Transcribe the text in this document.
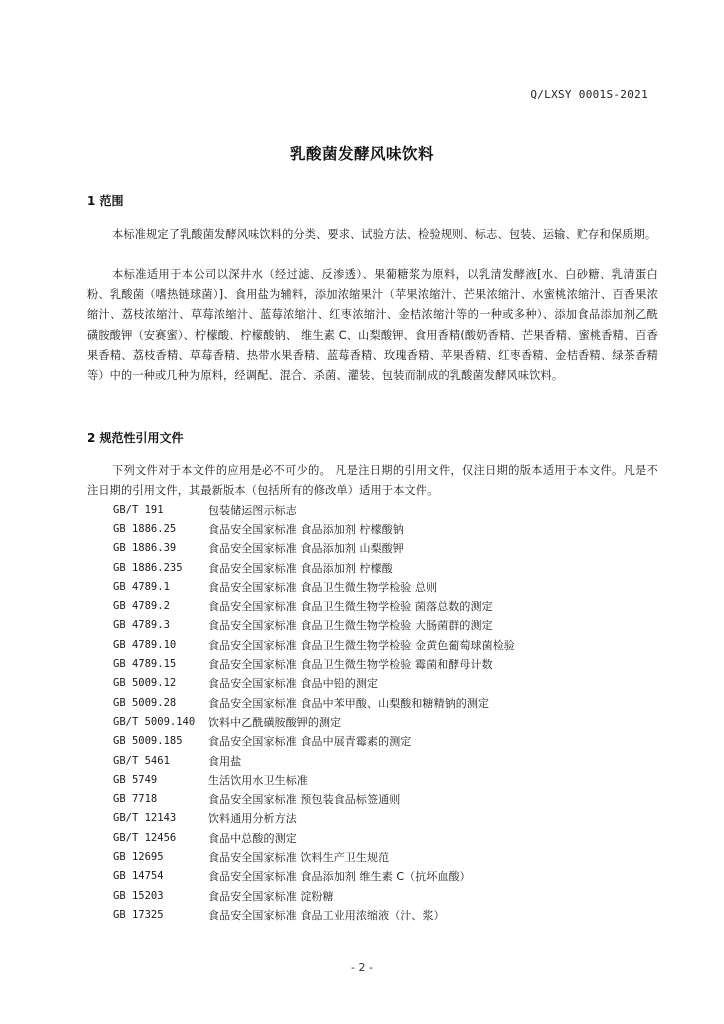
Q/LXSY 0001S-2021
乳酸菌发酵风味饮料
1 范围

本标准规定了乳酸菌发酵风味饮料的分类、要求、试验方法、检验规则、标志、包装、运输、贮存和保质期。

本标准适用于本公司以深井水（经过滤、反渗透）、果葡糖浆为原料，以乳清发酵液[水、白砂糖、乳清蛋白粉、乳酸菌（嗜热链球菌）]、食用盐为辅料，添加浓缩果汁（苹果浓缩汁、芒果浓缩汁、水蜜桃浓缩汁、百香果浓缩汁、荔枝浓缩汁、草莓浓缩汁、蓝莓浓缩汁、红枣浓缩汁、金桔浓缩汁等的一种或多种）、添加食品添加剂乙酰磺胺酸钾（安赛蜜）、柠檬酸、柠檬酸钠、 维生素 C、山梨酸钾、食用香精(酸奶香精、芒果香精、蜜桃香精、百香果香精、荔枝香精、草莓香精、热带水果香精、蓝莓香精、玫瑰香精、苹果香精、红枣香精、金桔香精、绿茶香精等）中的一种或几种为原料，经调配、混合、杀菌、灌装、包装而制成的乳酸菌发酵风味饮料。

2 规范性引用文件

下列文件对于本文件的应用是必不可少的。 凡是注日期的引用文件，仅注日期的版本适用于本文件。凡是不注日期的引用文件，其最新版本（包括所有的修改单）适用于本文件。

GB/T 191	包装储运图示标志
GB 1886.25	食品安全国家标准 食品添加剂 柠檬酸钠
GB 1886.39	食品安全国家标准 食品添加剂 山梨酸钾
GB 1886.235	食品安全国家标准 食品添加剂 柠檬酸
GB 4789.1	食品安全国家标准 食品卫生微生物学检验 总则
GB 4789.2	食品安全国家标准 食品卫生微生物学检验 菌落总数的测定
GB 4789.3	食品安全国家标准 食品卫生微生物学检验 大肠菌群的测定
GB 4789.10	食品安全国家标准 食品卫生微生物学检验 金黄色葡萄球菌检验
GB 4789.15	食品安全国家标准 食品卫生微生物学检验 霉菌和酵母计数
GB 5009.12	食品安全国家标准 食品中铅的测定
GB 5009.28	食品安全国家标准 食品中苯甲酸、山梨酸和糖精钠的测定
GB/T 5009.140	饮料中乙酰磺胺酸钾的测定
GB 5009.185	食品安全国家标准 食品中展青霉素的测定
GB/T 5461	食用盐
GB 5749	生活饮用水卫生标准
GB 7718	食品安全国家标准 预包装食品标签通则
GB/T 12143	饮料通用分析方法
GB/T 12456	食品中总酸的测定
GB 12695	食品安全国家标准 饮料生产卫生规范
GB 14754	食品安全国家标准 食品添加剂 维生素 C（抗坏血酸）
GB 15203	食品安全国家标准 淀粉糖
GB 17325	食品安全国家标准 食品工业用浓缩液（汁、浆）
- 2 -
